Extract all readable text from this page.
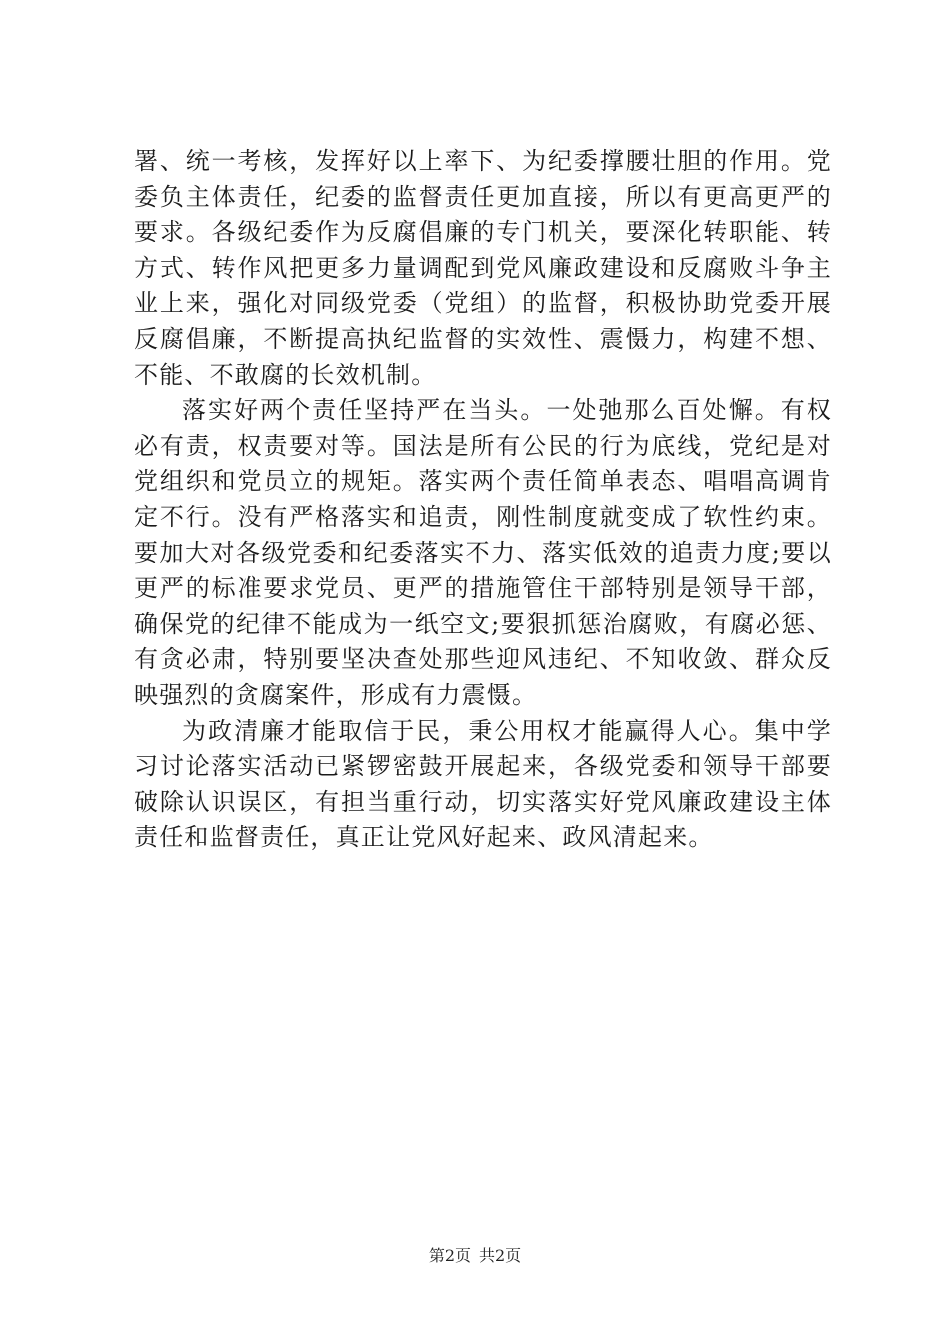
署、统一考核，发挥好以上率下、为纪委撑腰壮胆的作用。党委负主体责任，纪委的监督责任更加直接，所以有更高更严的要求。各级纪委作为反腐倡廉的专门机关，要深化转职能、转方式、转作风把更多力量调配到党风廉政建设和反腐败斗争主业上来，强化对同级党委（党组）的监督，积极协助党委开展反腐倡廉，不断提高执纪监督的实效性、震慑力，构建不想、不能、不敢腐的长效机制。

落实好两个责任坚持严在当头。一处弛那么百处懈。有权必有责，权责要对等。国法是所有公民的行为底线，党纪是对党组织和党员立的规矩。落实两个责任简单表态、唱唱高调肯定不行。没有严格落实和追责，刚性制度就变成了软性约束。要加大对各级党委和纪委落实不力、落实低效的追责力度;要以更严的标准要求党员、更严的措施管住干部特别是领导干部，确保党的纪律不能成为一纸空文;要狠抓惩治腐败，有腐必惩、有贪必肃，特别要坚决查处那些迎风违纪、不知收敛、群众反映强烈的贪腐案件，形成有力震慑。

为政清廉才能取信于民，秉公用权才能赢得人心。集中学习讨论落实活动已紧锣密鼓开展起来，各级党委和领导干部要破除认识误区，有担当重行动，切实落实好党风廉政建设主体责任和监督责任，真正让党风好起来、政风清起来。

第2页 共2页
